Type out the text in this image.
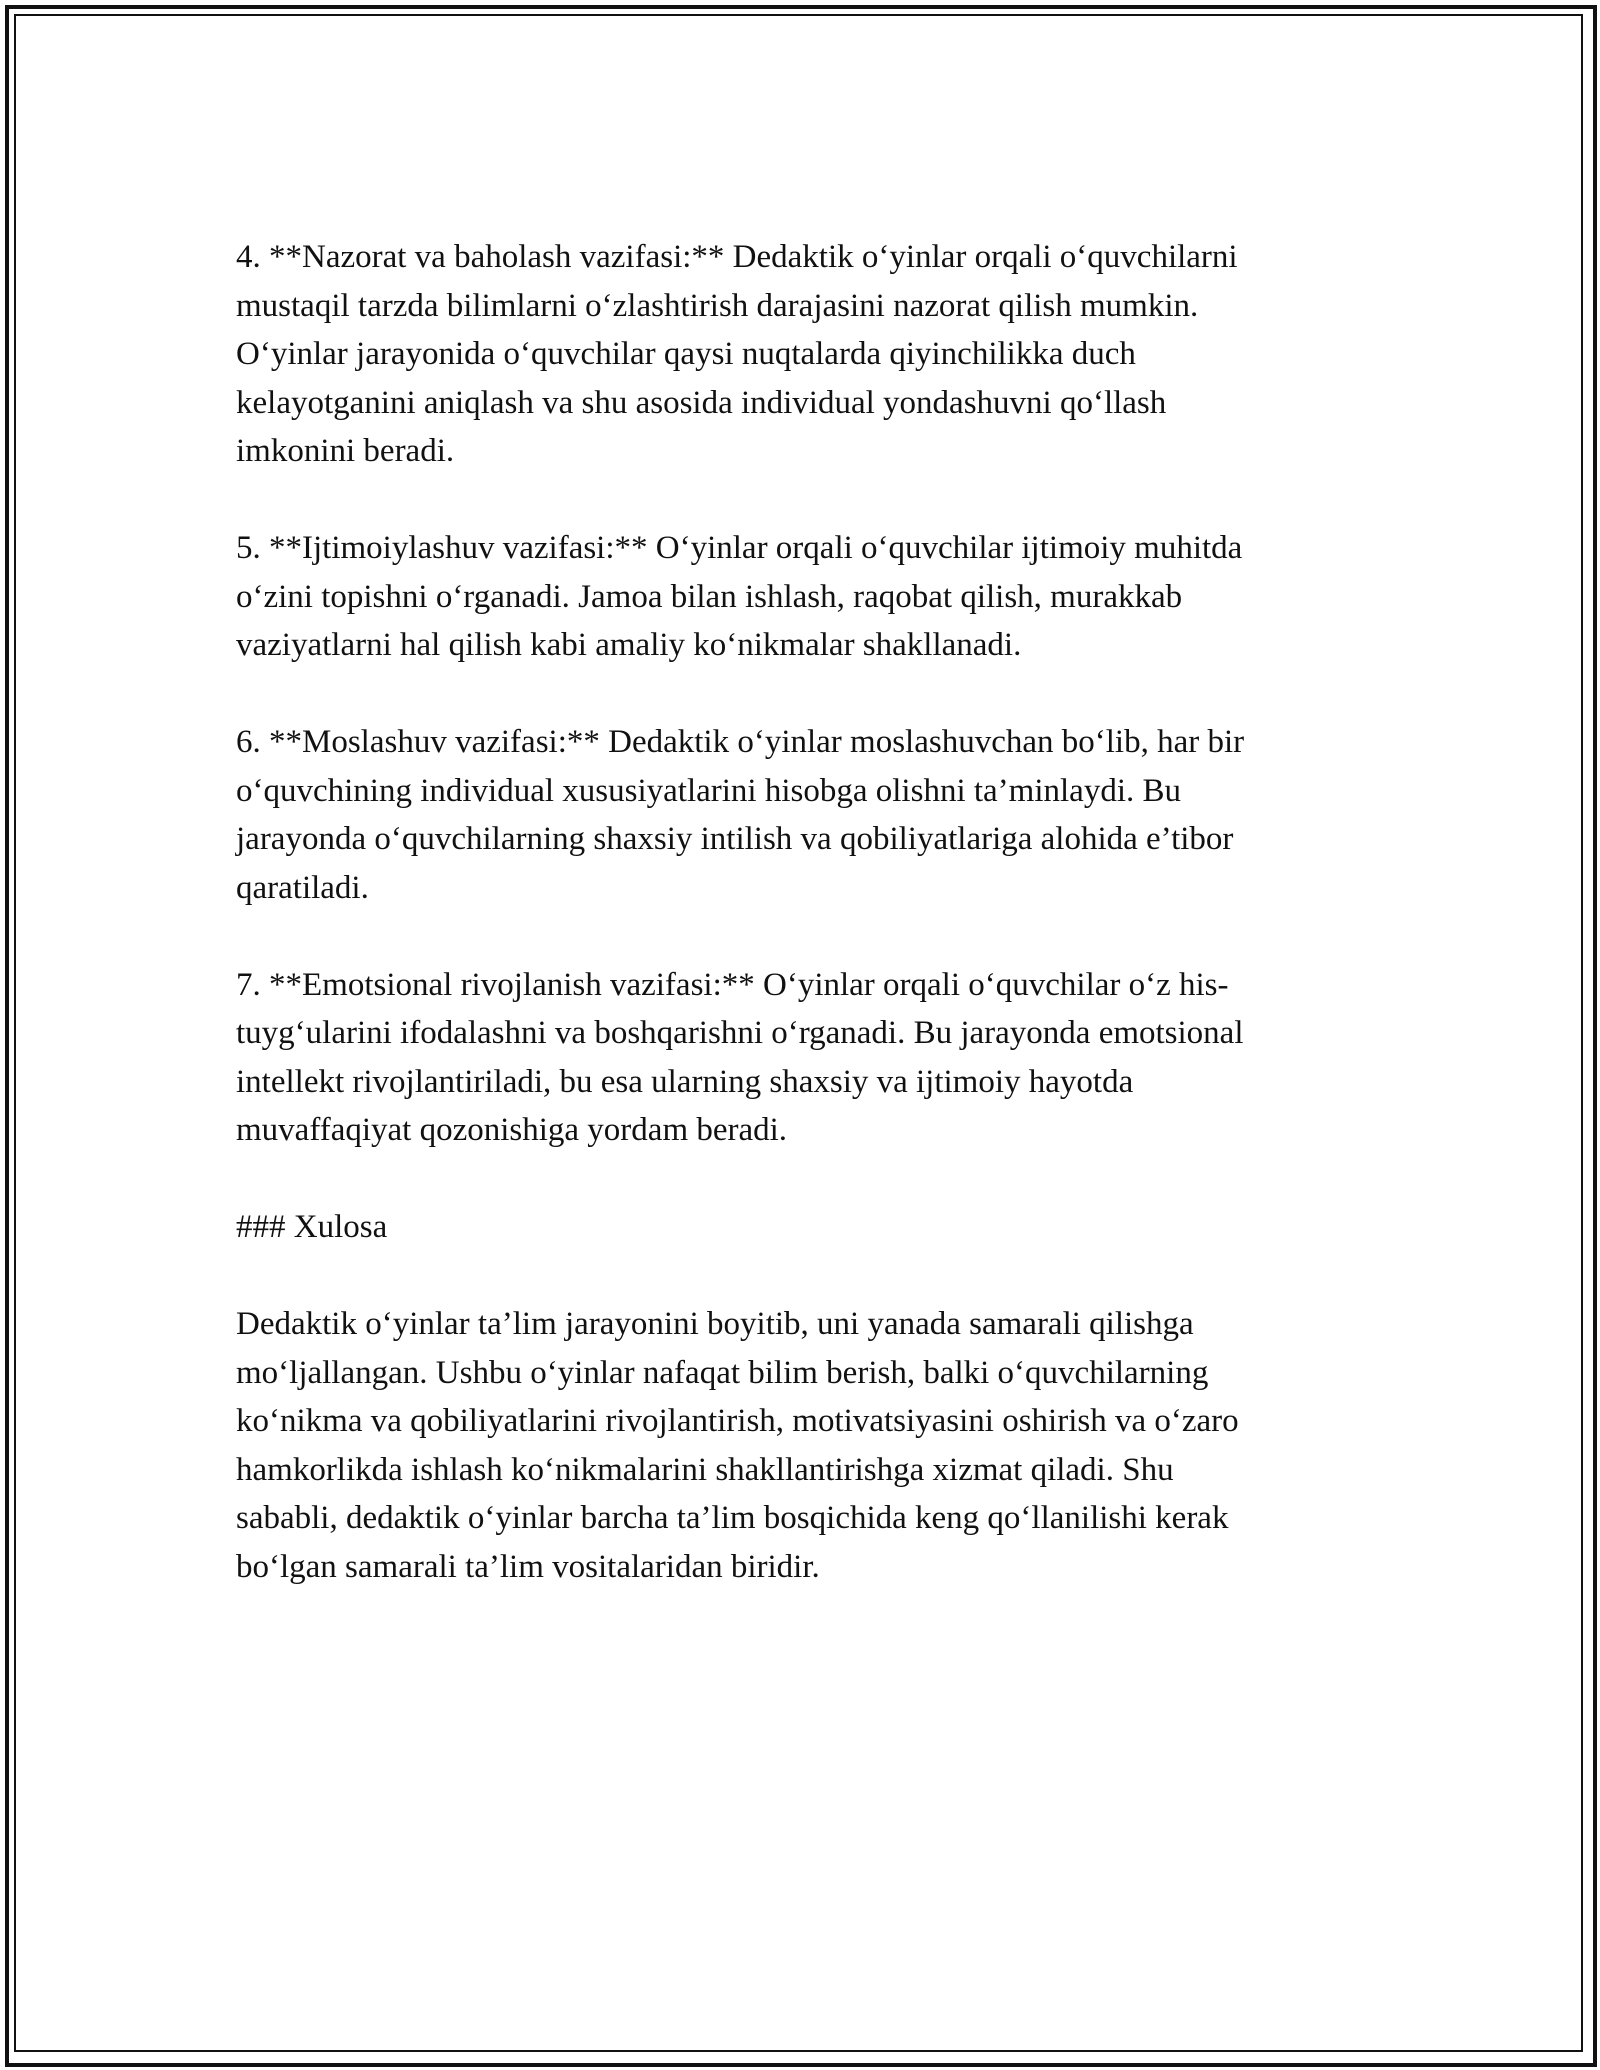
4. **Nazorat va baholash vazifasi:** Dedaktik o‘yinlar orqali o‘quvchilarni
mustaqil tarzda bilimlarni o‘zlashtirish darajasini nazorat qilish mumkin.
O‘yinlar jarayonida o‘quvchilar qaysi nuqtalarda qiyinchilikka duch
kelayotganini aniqlash va shu asosida individual yondashuvni qo‘llash
imkonini beradi.

5. **Ijtimoiylashuv vazifasi:** O‘yinlar orqali o‘quvchilar ijtimoiy muhitda
o‘zini topishni o‘rganadi. Jamoa bilan ishlash, raqobat qilish, murakkab
vaziyatlarni hal qilish kabi amaliy ko‘nikmalar shakllanadi.

6. **Moslashuv vazifasi:** Dedaktik o‘yinlar moslashuvchan bo‘lib, har bir
o‘quvchining individual xususiyatlarini hisobga olishni ta’minlaydi. Bu
jarayonda o‘quvchilarning shaxsiy intilish va qobiliyatlariga alohida e’tibor
qaratiladi.

7. **Emotsional rivojlanish vazifasi:** O‘yinlar orqali o‘quvchilar o‘z his-
tuyg‘ularini ifodalashni va boshqarishni o‘rganadi. Bu jarayonda emotsional
intellekt rivojlantiriladi, bu esa ularning shaxsiy va ijtimoiy hayotda
muvaffaqiyat qozonishiga yordam beradi.

### Xulosa

Dedaktik o‘yinlar ta’lim jarayonini boyitib, uni yanada samarali qilishga
mo‘ljallangan. Ushbu o‘yinlar nafaqat bilim berish, balki o‘quvchilarning
ko‘nikma va qobiliyatlarini rivojlantirish, motivatsiyasini oshirish va o‘zaro
hamkorlikda ishlash ko‘nikmalarini shakllantirishga xizmat qiladi. Shu
sababli, dedaktik o‘yinlar barcha ta’lim bosqichida keng qo‘llanilishi kerak
bo‘lgan samarali ta’lim vositalaridan biridir.
